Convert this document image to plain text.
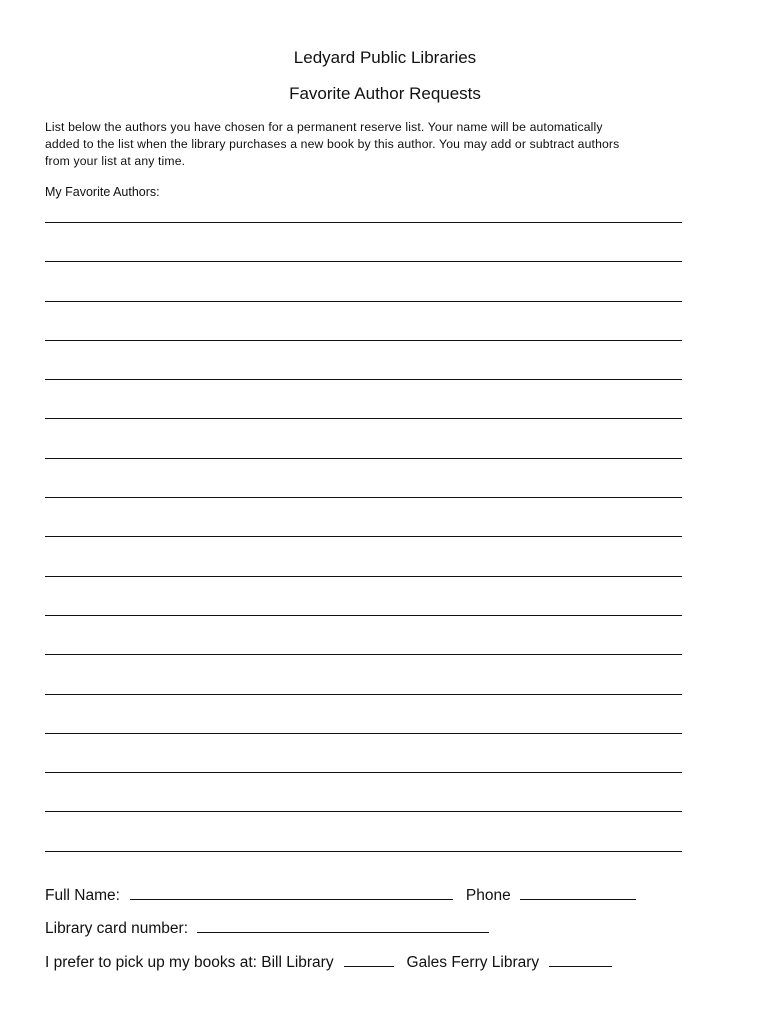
Ledyard Public Libraries
Favorite Author Requests

List below the authors you have chosen for a permanent reserve list. Your name will be automatically

added to the list when the library purchases a new book by this author. You may add or subtract authors

from your list at any time.

My Favorite Authors:
Full Name:	Phone
Library card number:
I prefer to pick up my books at: Bill Library	Gales Ferry Library
